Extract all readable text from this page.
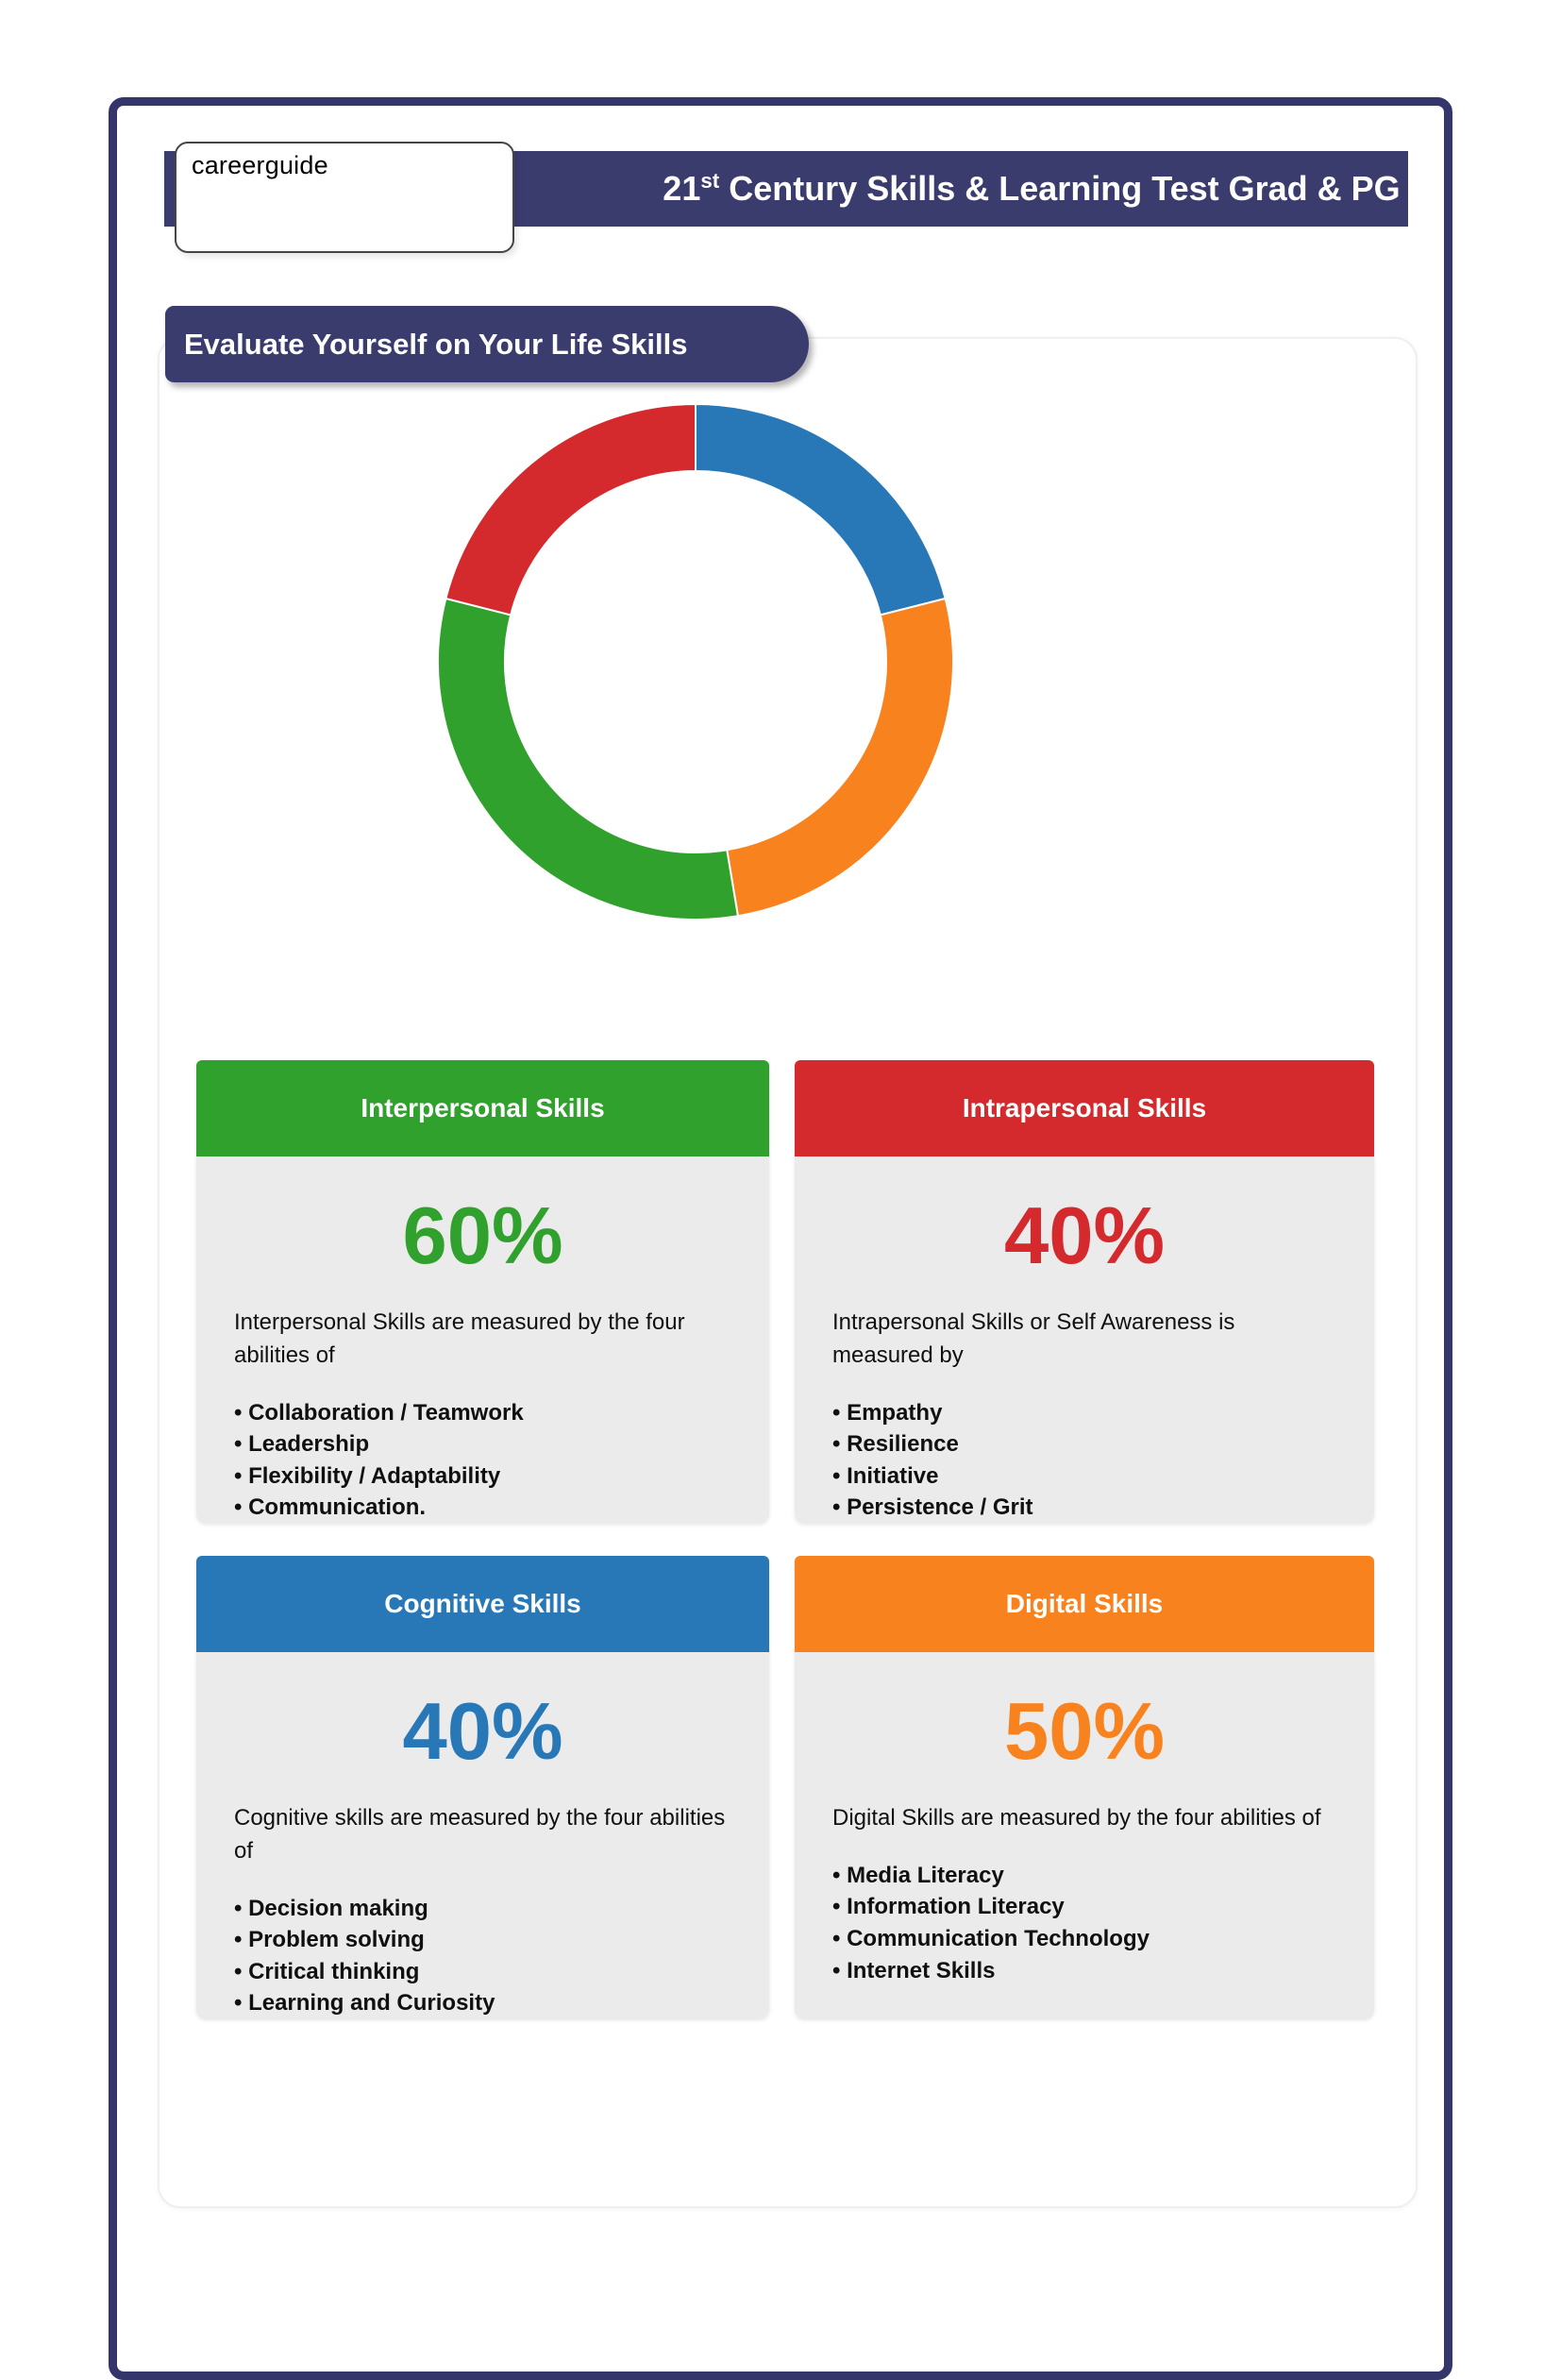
21st Century Skills & Learning Test Grad & PG
careerguide
Evaluate Yourself on Your Life Skills
Interpersonal Skills
60%
Interpersonal Skills are measured by the four abilities of
• Collaboration / Teamwork
• Leadership
• Flexibility / Adaptability
• Communication.
Intrapersonal Skills
40%
Intrapersonal Skills or Self Awareness is measured by
• Empathy
• Resilience
• Initiative
• Persistence / Grit
Cognitive Skills
40%
Cognitive skills are measured by the four abilities of
• Decision making
• Problem solving
• Critical thinking
• Learning and Curiosity
Digital Skills
50%
Digital Skills are measured by the four abilities of
• Media Literacy
• Information Literacy
• Communication Technology
• Internet Skills
